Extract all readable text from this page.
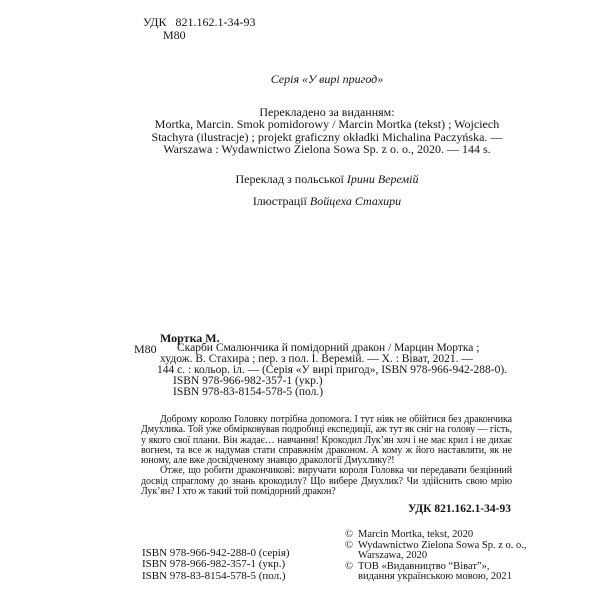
УДК 821.162.1-34-93
М80
Серія «У вирі пригод»
Перекладено за виданням:
Mortka, Marcin. Smok pomidorowy / Marcin Mortka (tekst) ; Wojciech
Stachyra (ilustracje) ; projekt graficzny okładki Michalina Paczyńska. —
Warszawa : Wydawnictwo Zielona Sowa Sp. z o. o., 2020. — 144 s.
Переклад з польської Ірини Веремій
Ілюстрації Войцеха Стахири
Мортка М.
М80 Скарби Смалюнчика й помідорний дракон / Марцин Мортка ;
худож. В. Стахира ; пер. з пол. І. Веремій. — Х. : Віват, 2021. —
144 с. : кольор. іл. — (Серія «У вирі пригод», ISBN 978-966-942-288-0).
ISBN 978-966-982-357-1 (укр.)
ISBN 978-83-8154-578-5 (пол.)

Доброму королю Головку потрібна допомога. І тут ніяк не обійтися без дракончика Дмухлика. Той уже обмірковував подробиці експедиції, аж тут як сніг на голову — гість, у якого свої плани. Він жадає… навчання! Крокодил Лук’ян хоч і не має крил і не дихає вогнем, та все ж надумав стати справжнім драконом. А кому ж його наставляти, як не юному, але вже досвідченому знавцю дракології Дмухлику?!

Отже, що робити дракончикові: виручати короля Головка чи передавати безцінний досвід спраглому до знань крокодилу? Що вибере Дмухлик? Чи здійснить свою мрію Лук’ян? І хто ж такий той помідорний дракон?

УДК 821.162.1-34-93
ISBN 978-966-942-288-0 (серія)
ISBN 978-966-982-357-1 (укр.)
ISBN 978-83-8154-578-5 (пол.)
© Marcin Mortka, tekst, 2020
© Wydawnictwo Zielona Sowa Sp. z o. o.,
Warszawa, 2020
© ТОВ «Видавництво “Віват”»,
видання українською мовою, 2021
